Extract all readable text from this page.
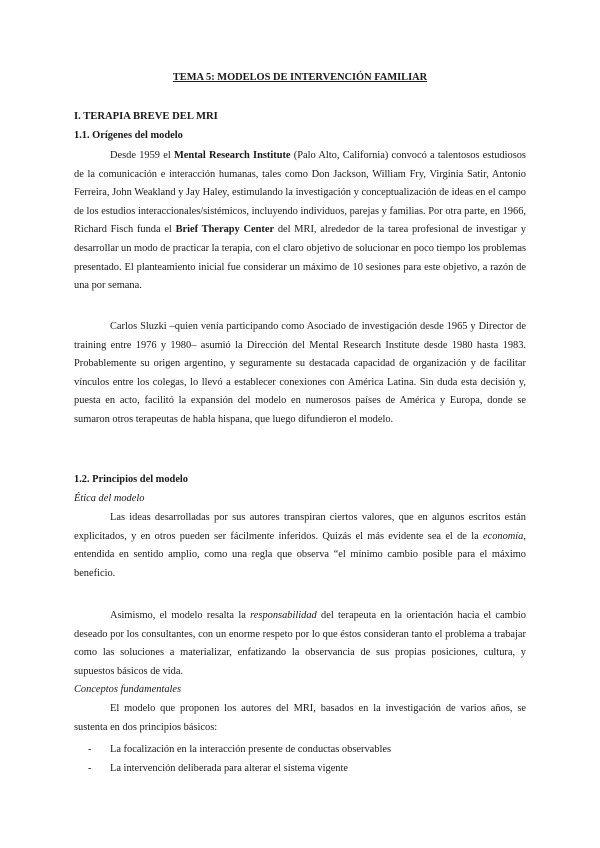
TEMA 5: MODELOS DE INTERVENCIÓN FAMILIAR
I. TERAPIA BREVE DEL MRI
1.1. Orígenes del modelo

Desde 1959 el Mental Research Institute (Palo Alto, California) convocó a talentosos estudiosos de la comunicación e interacción humanas, tales como Don Jackson, William Fry, Virginia Satir, Antonio Ferreira, John Weakland y Jay Haley, estimulando la investigación y conceptualización de ideas en el campo de los estudios interaccionales/sistémicos, incluyendo individuos, parejas y familias. Por otra parte, en 1966, Richard Fisch funda el Brief Therapy Center del MRI, alrededor de la tarea profesional de investigar y desarrollar un modo de practicar la terapia, con el claro objetivo de solucionar en poco tiempo los problemas presentado. El planteamiento inicial fue considerar un máximo de 10 sesiones para este objetivo, a razón de una por semana.

Carlos Sluzki –quien venía participando como Asociado de investigación desde 1965 y Director de training entre 1976 y 1980– asumió la Dirección del Mental Research Institute desde 1980 hasta 1983. Probablemente su origen argentino, y seguramente su destacada capacidad de organización y de facilitar vínculos entre los colegas, lo llevó a establecer conexiones con América Latina. Sin duda esta decisión y, puesta en acto, facilitó la expansión del modelo en numerosos países de América y Europa, donde se sumaron otros terapeutas de habla hispana, que luego difundieron el modelo.

1.2. Principios del modelo
Ética del modelo

Las ideas desarrolladas por sus autores transpiran ciertos valores, que en algunos escritos están explicitados, y en otros pueden ser fácilmente inferidos. Quizás el más evidente sea el de la economía, entendida en sentido amplio, como una regla que observa “el mínimo cambio posible para el máximo beneficio.

Asimismo, el modelo resalta la responsabilidad del terapeuta en la orientación hacia el cambio deseado por los consultantes, con un enorme respeto por lo que éstos consideran tanto el problema a trabajar como las soluciones a materializar, enfatizando la observancia de sus propias posiciones, cultura, y supuestos básicos de vida.

Conceptos fundamentales

El modelo que proponen los autores del MRI, basados en la investigación de varios años, se sustenta en dos principios básicos:

- La focalización en la interacción presente de conductas observables
- La intervención deliberada para alterar el sistema vigente
